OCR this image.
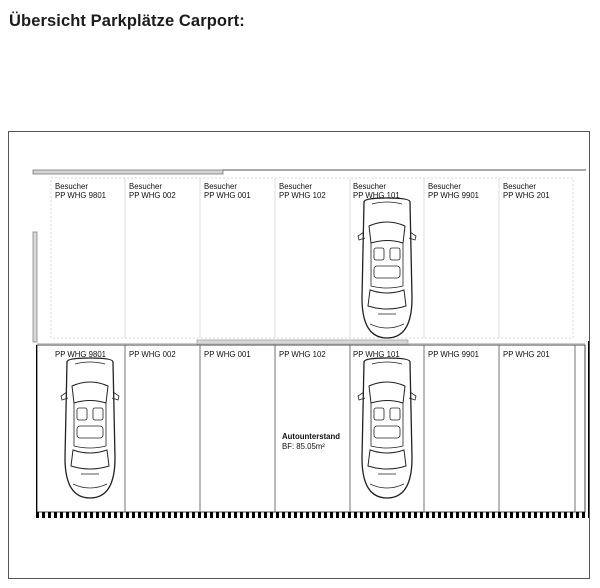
Übersicht Parkplätze Carport:
Besucher
PP WHG 9801
Besucher
PP WHG 002
Besucher
PP WHG 001
Besucher
PP WHG 102
Besucher
PP WHG 101
Besucher
PP WHG 9901
Besucher
PP WHG 201
PP WHG 9801	PP WHG 002	PP WHG 001	PP WHG 102	PP WHG 101	PP WHG 9901	PP WHG 201
Autounterstand
BF: 85.05m²
